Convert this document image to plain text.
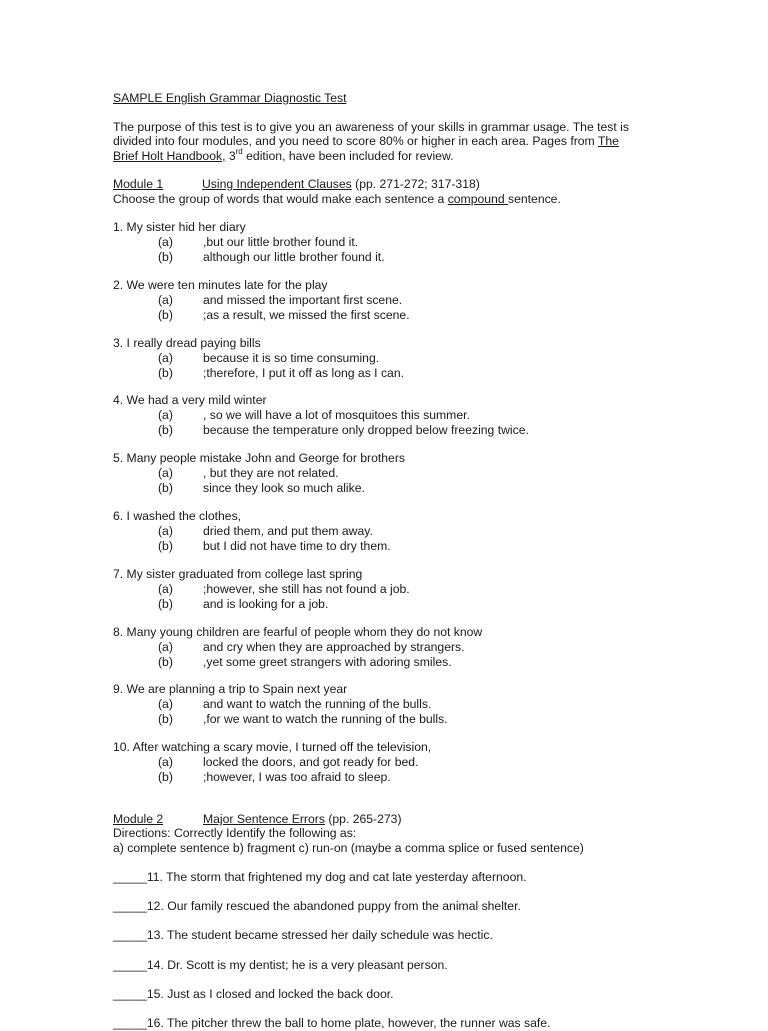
SAMPLE English Grammar Diagnostic Test
The purpose of this test is to give you an awareness of your skills in grammar usage. The test is
divided into four modules, and you need to score 80% or higher in each area. Pages from The
Brief Holt Handbook, 3rd edition, have been included for review.
Module 1	Using Independent Clauses (pp. 271-272; 317-318)
Choose the group of words that would make each sentence a compound sentence.
1. My sister hid her diary
(a) ,but our little brother found it.
(b) although our little brother found it.
2. We were ten minutes late for the play
(a) and missed the important first scene.
(b) ;as a result, we missed the first scene.
3. I really dread paying bills
(a) because it is so time consuming.
(b) ;therefore, I put it off as long as I can.
4. We had a very mild winter
(a) , so we will have a lot of mosquitoes this summer.
(b) because the temperature only dropped below freezing twice.
5. Many people mistake John and George for brothers
(a) , but they are not related.
(b) since they look so much alike.
6. I washed the clothes,
(a) dried them, and put them away.
(b) but I did not have time to dry them.
7. My sister graduated from college last spring
(a) ;however, she still has not found a job.
(b) and is looking for a job.
8. Many young children are fearful of people whom they do not know
(a) and cry when they are approached by strangers.
(b) ,yet some greet strangers with adoring smiles.
9. We are planning a trip to Spain next year
(a) and want to watch the running of the bulls.
(b) ,for we want to watch the running of the bulls.
10. After watching a scary movie, I turned off the television,
(a) locked the doors, and got ready for bed.
(b) ;however, I was too afraid to sleep.
Module 2	Major Sentence Errors (pp. 265-273)
Directions: Correctly Identify the following as:
a) complete sentence b) fragment c) run-on (maybe a comma splice or fused sentence)
_____11. The storm that frightened my dog and cat late yesterday afternoon.
_____12. Our family rescued the abandoned puppy from the animal shelter.
_____13. The student became stressed her daily schedule was hectic.
_____14. Dr. Scott is my dentist; he is a very pleasant person.
_____15. Just as I closed and locked the back door.
_____16. The pitcher threw the ball to home plate, however, the runner was safe.
